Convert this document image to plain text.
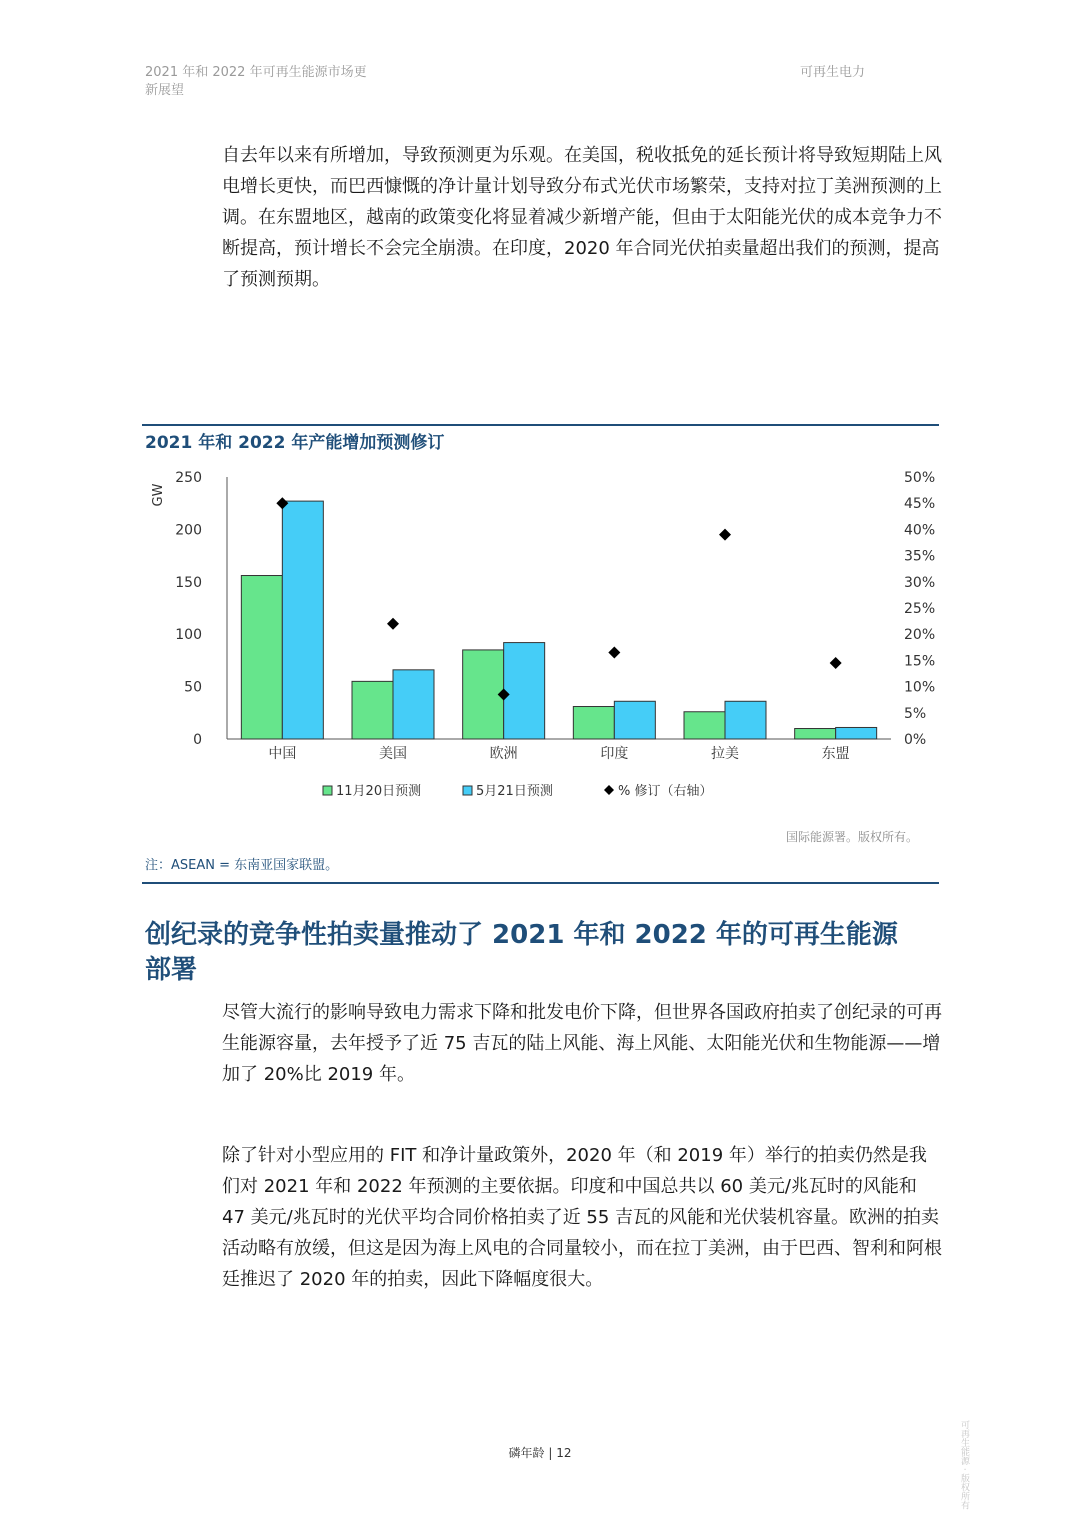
2021 年和 2022 年可再生能源市场更
新展望
可再生电力
自去年以来有所增加，导致预测更为乐观。在美国，税收抵免的延长预计将导致短期陆上风电增长更快，而巴西慷慨的净计量计划导致分布式光伏市场繁荣，支持对拉丁美洲预测的上调。在东盟地区，越南的政策变化将显着减少新增产能，但由于太阳能光伏的成本竞争力不断提高，预计增长不会完全崩溃。在印度，2020 年合同光伏拍卖量超出我们的预测，提高了预测预期。
2021 年和 2022 年产能增加预测修订
0
50
100
150
200
250
0%
5%
10%
15%
20%
25%
30%
35%
40%
45%
50%
GW
中国	美国	欧洲	印度	拉美	东盟
11月20日预测	5月21日预测	% 修订（右轴）
国际能源署。版权所有。
注：ASEAN = 东南亚国家联盟。
创纪录的竞争性拍卖量推动了 2021 年和 2022 年的可再生能源部署
尽管大流行的影响导致电力需求下降和批发电价下降，但世界各国政府拍卖了创纪录的可再生能源容量，去年授予了近 75 吉瓦的陆上风能、海上风能、太阳能光伏和生物能源——增加了 20%比 2019 年。
除了针对小型应用的 FIT 和净计量政策外，2020 年（和 2019 年）举行的拍卖仍然是我们对 2021 年和 2022 年预测的主要依据。印度和中国总共以 60 美元/兆瓦时的风能和 47 美元/兆瓦时的光伏平均合同价格拍卖了近 55 吉瓦的风能和光伏装机容量。欧洲的拍卖活动略有放缓，但这是因为海上风电的合同量较小，而在拉丁美洲，由于巴西、智利和阿根廷推迟了 2020 年的拍卖，因此下降幅度很大。
磷年龄 | 12	可再生能源 · 版权所有
